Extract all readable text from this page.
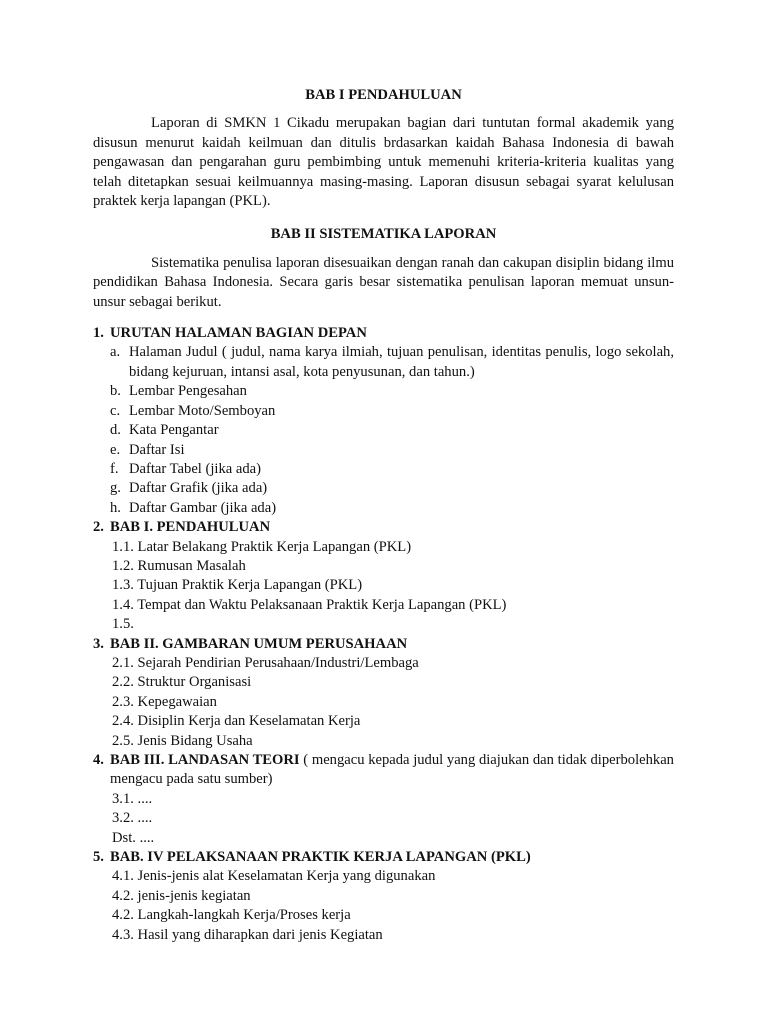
BAB I PENDAHULUAN

Laporan di SMKN 1 Cikadu merupakan bagian dari tuntutan formal akademik yang disusun menurut kaidah keilmuan dan ditulis brdasarkan kaidah Bahasa Indonesia di bawah pengawasan dan pengarahan guru pembimbing untuk memenuhi kriteria-kriteria kualitas yang telah ditetapkan sesuai keilmuannya masing-masing. Laporan disusun sebagai syarat kelulusan praktek kerja lapangan (PKL).

BAB II SISTEMATIKA LAPORAN

Sistematika penulisa laporan disesuaikan dengan ranah dan cakupan disiplin bidang ilmu pendidikan Bahasa Indonesia. Secara garis besar sistematika penulisan laporan memuat unsun-unsur sebagai berikut.

1. URUTAN HALAMAN BAGIAN DEPAN
a. Halaman Judul ( judul, nama karya ilmiah, tujuan penulisan, identitas penulis, logo sekolah, bidang kejuruan, intansi asal, kota penyusunan, dan tahun.)
b. Lembar Pengesahan
c. Lembar Moto/Semboyan
d. Kata Pengantar
e. Daftar Isi
f. Daftar Tabel (jika ada)
g. Daftar Grafik (jika ada)
h. Daftar Gambar (jika ada)
2. BAB I. PENDAHULUAN
1.1. Latar Belakang Praktik Kerja Lapangan (PKL)
1.2. Rumusan Masalah
1.3. Tujuan Praktik Kerja Lapangan (PKL)
1.4. Tempat dan Waktu Pelaksanaan Praktik Kerja Lapangan (PKL)
1.5.
3. BAB II. GAMBARAN UMUM PERUSAHAAN
2.1. Sejarah Pendirian Perusahaan/Industri/Lembaga
2.2. Struktur Organisasi
2.3. Kepegawaian
2.4. Disiplin Kerja dan Keselamatan Kerja
2.5. Jenis Bidang Usaha
4. BAB III. LANDASAN TEORI ( mengacu kepada judul yang diajukan dan tidak diperbolehkan mengacu pada satu sumber)
3.1. ....
3.2. ....
Dst. ....
5. BAB. IV PELAKSANAAN PRAKTIK KERJA LAPANGAN (PKL)
4.1. Jenis-jenis alat Keselamatan Kerja yang digunakan
4.2. jenis-jenis kegiatan
4.2. Langkah-langkah Kerja/Proses kerja
4.3. Hasil yang diharapkan dari jenis Kegiatan
